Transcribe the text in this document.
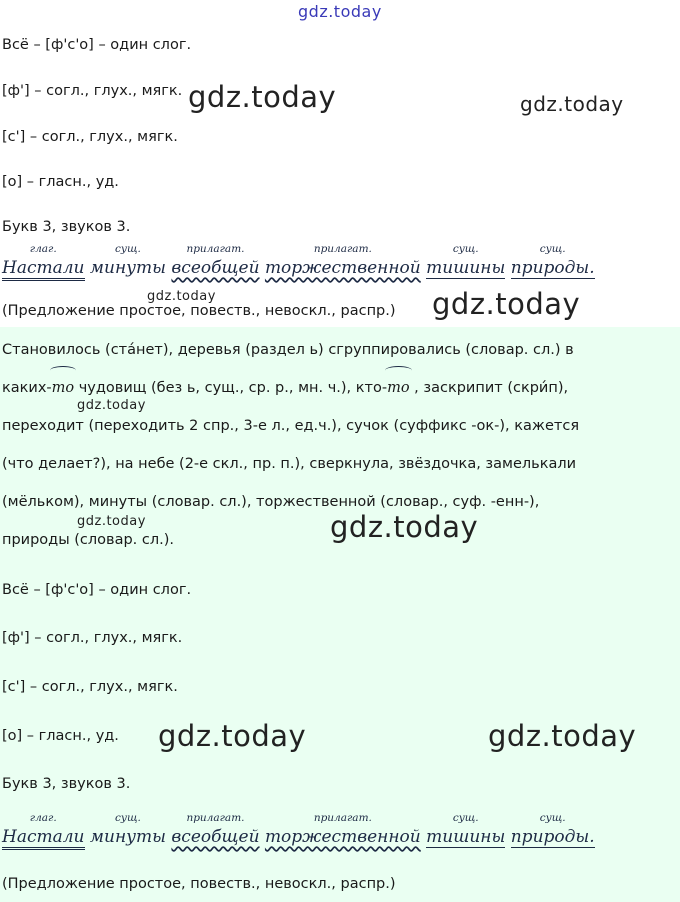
gdz.today
Всё – [ф'с'о] – один слог.
[ф'] – согл., глух., мягк.
[с'] – согл., глух., мягк.
[о] – гласн., уд.
Букв 3, звуков 3.
gdz.today	gdz.today
глаг.
Настали
сущ.
минуты
прилагат.
всеобщей
прилагат.
торжественной
сущ.
тишины
сущ.
природы.
gdz.today
(Предложение простое, повеств., невоскл., распр.) gdz.today
Становилось (ста́нет), деревья (раздел ь) сгруппировались (словар. сл.) в
каких-то чудовищ (без ь, сущ., ср. р., мн. ч.), кто-то , заскрипит (скри́п),
переходит (переходить 2 спр., 3-е л., ед.ч.), сучок (суффикс -ок-), кажется
(что делает?), на небе (2-е скл., пр. п.), сверкнула, звёздочка, замелькали
(мёльком), минуты (словар. сл.), торжественной (словар., суф. -енн-),
природы (словар. сл.).
gdz.today
gdz.today	gdz.today
Всё – [ф'с'о] – один слог.
[ф'] – согл., глух., мягк.
[с'] – согл., глух., мягк.
[о] – гласн., уд.
Букв 3, звуков 3.
gdz.today	gdz.today
глаг.
Настали
сущ.
минуты
прилагат.
всеобщей
прилагат.
торжественной
сущ.
тишины
сущ.
природы.
(Предложение простое, повеств., невоскл., распр.)
